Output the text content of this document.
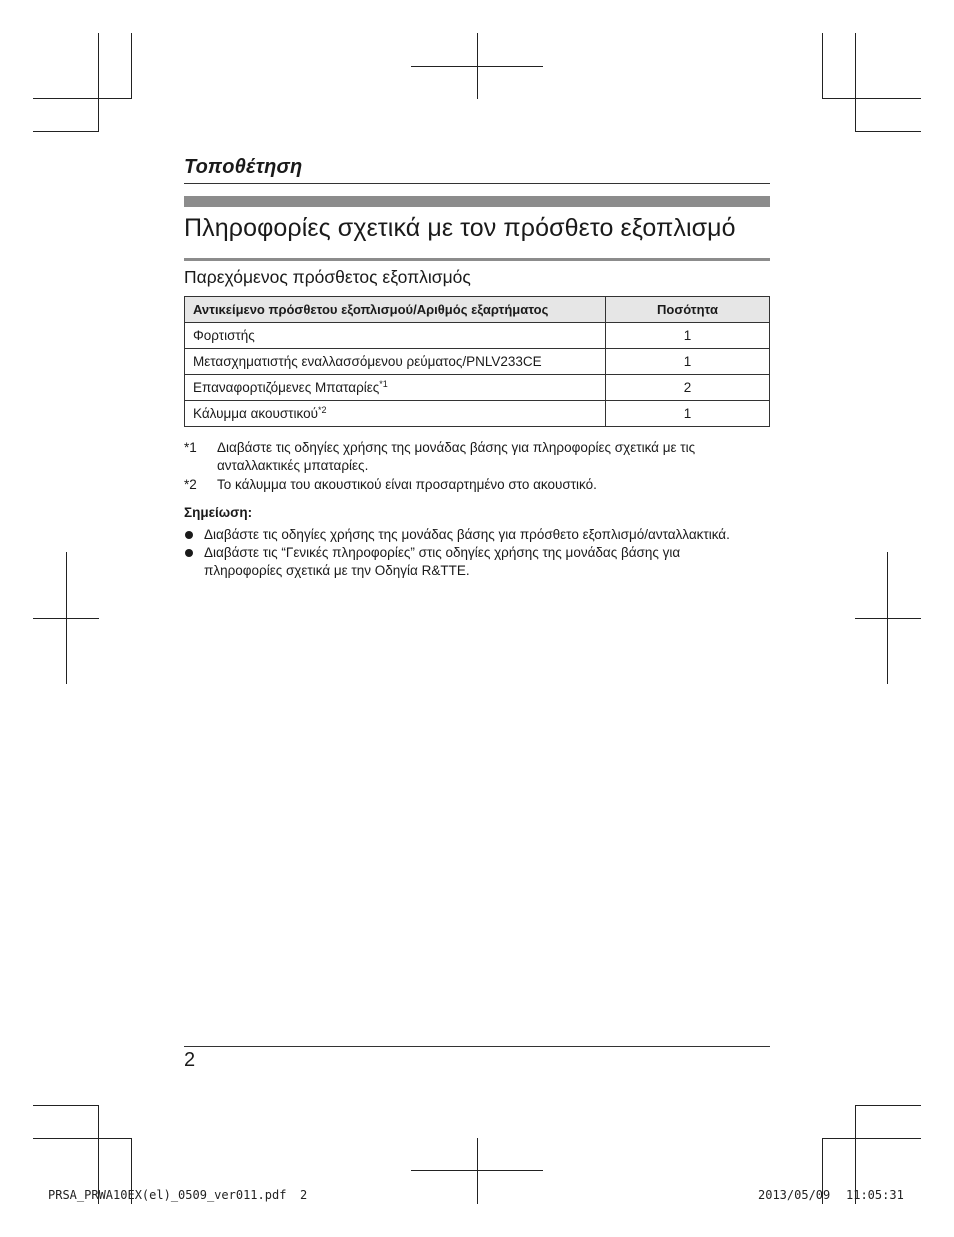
Τοποθέτηση
Πληροφορίες σχετικά με τον πρόσθετο εξοπλισμό
Παρεχόμενος πρόσθετος εξοπλισμός
Αντικείμενο πρόσθετου εξοπλισμού/Αριθμός εξαρτήματος	Ποσότητα
Φορτιστής	1
Μετασχηματιστής εναλλασσόμενου ρεύματος/PNLV233CE	1
Επαναφορτιζόμενες Μπαταρίες$^{*1}$	2
Κάλυμμα ακουστικού$^{*2}$	1
*1	Διαβάστε τις οδηγίες χρήσης της μονάδας βάσης για πληροφορίες σχετικά με τις ανταλλακτικές μπαταρίες.
*2	Το κάλυμμα του ακουστικού είναι προσαρτημένο στο ακουστικό.
Σημείωση:
Διαβάστε τις οδηγίες χρήσης της μονάδας βάσης για πρόσθετο εξοπλισμό/ανταλλακτικά.
Διαβάστε τις “Γενικές πληροφορίες” στις οδηγίες χρήσης της μονάδας βάσης για πληροφορίες σχετικά με την Οδηγία R&TTE.
2
PRSA_PRWA10EX(el)_0509_ver011.pdf 2	2013/05/09 11:05:31
